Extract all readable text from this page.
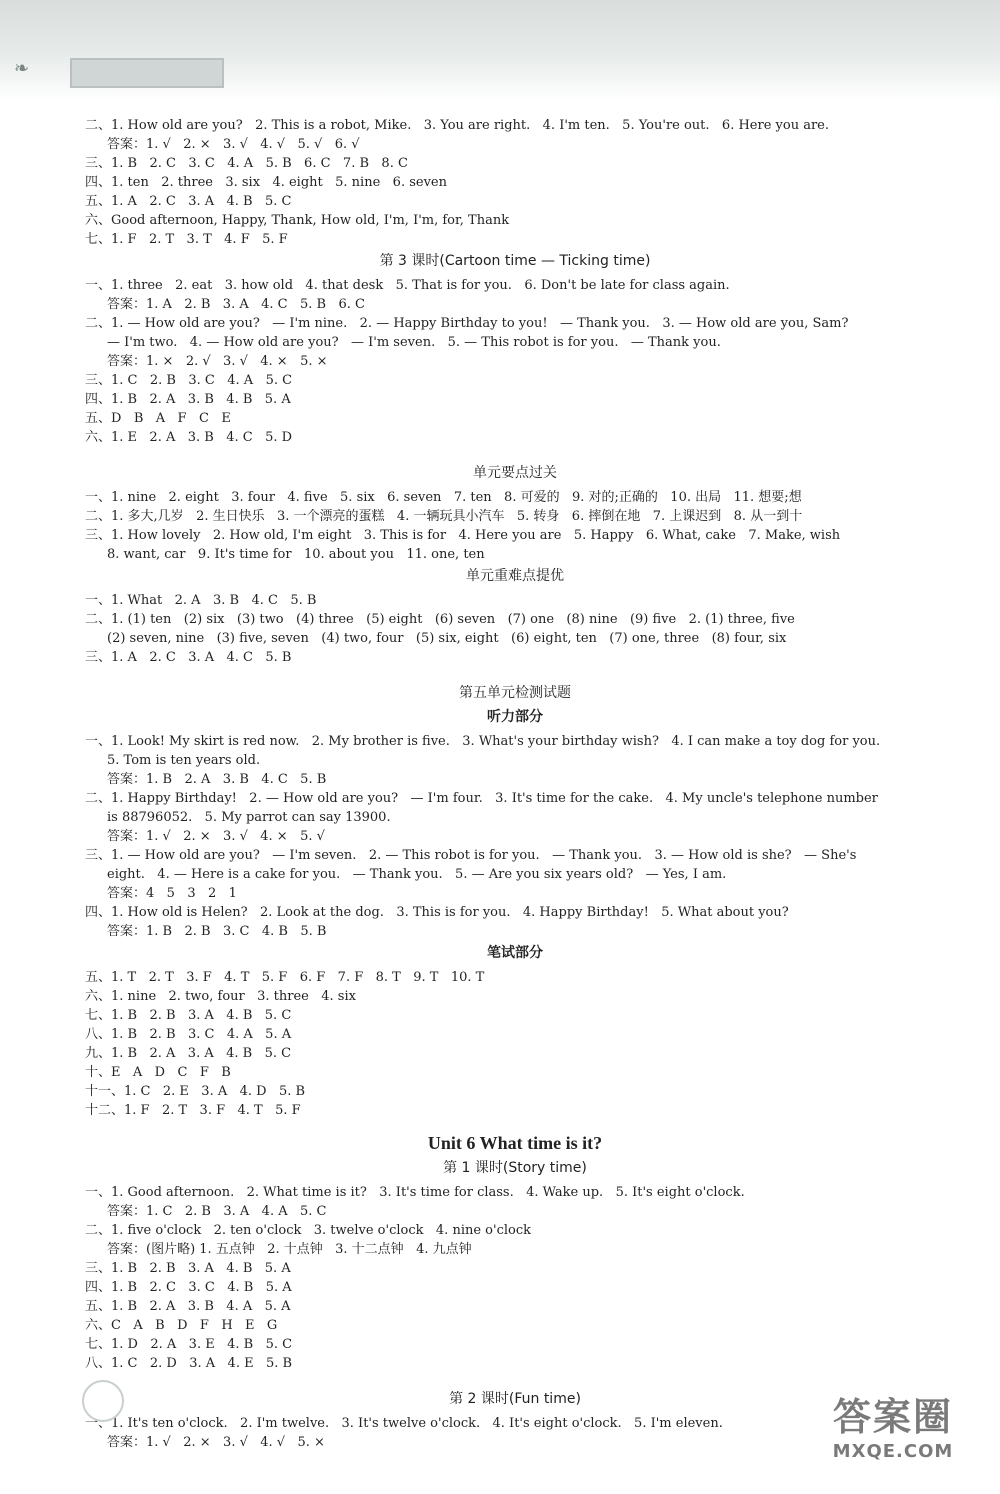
❧
二、1. How old are you?   2. This is a robot, Mike.   3. You are right.   4. I'm ten.   5. You're out.   6. Here you are.
答案：1. √   2. ×   3. √   4. √   5. √   6. √
三、1. B   2. C   3. C   4. A   5. B   6. C   7. B   8. C
四、1. ten   2. three   3. six   4. eight   5. nine   6. seven
五、1. A   2. C   3. A   4. B   5. C
六、Good afternoon, Happy, Thank, How old, I'm, I'm, for, Thank
七、1. F   2. T   3. T   4. F   5. F
第 3 课时(Cartoon time — Ticking time)
一、1. three   2. eat   3. how old   4. that desk   5. That is for you.   6. Don't be late for class again.
答案：1. A   2. B   3. A   4. C   5. B   6. C
二、1. — How old are you?   — I'm nine.   2. — Happy Birthday to you!   — Thank you.   3. — How old are you, Sam?
— I'm two.   4. — How old are you?   — I'm seven.   5. — This robot is for you.   — Thank you.
答案：1. ×   2. √   3. √   4. ×   5. ×
三、1. C   2. B   3. C   4. A   5. C
四、1. B   2. A   3. B   4. B   5. A
五、D   B   A   F   C   E
六、1. E   2. A   3. B   4. C   5. D
单元要点过关
一、1. nine   2. eight   3. four   4. five   5. six   6. seven   7. ten   8. 可爱的   9. 对的;正确的   10. 出局   11. 想要;想
二、1. 多大,几岁   2. 生日快乐   3. 一个漂亮的蛋糕   4. 一辆玩具小汽车   5. 转身   6. 摔倒在地   7. 上课迟到   8. 从一到十
三、1. How lovely   2. How old, I'm eight   3. This is for   4. Here you are   5. Happy   6. What, cake   7. Make, wish
8. want, car   9. It's time for   10. about you   11. one, ten
单元重难点提优
一、1. What   2. A   3. B   4. C   5. B
二、1. (1) ten   (2) six   (3) two   (4) three   (5) eight   (6) seven   (7) one   (8) nine   (9) five   2. (1) three, five
(2) seven, nine   (3) five, seven   (4) two, four   (5) six, eight   (6) eight, ten   (7) one, three   (8) four, six
三、1. A   2. C   3. A   4. C   5. B
第五单元检测试题
听力部分
一、1. Look! My skirt is red now.   2. My brother is five.   3. What's your birthday wish?   4. I can make a toy dog for you.
5. Tom is ten years old.
答案：1. B   2. A   3. B   4. C   5. B
二、1. Happy Birthday!   2. — How old are you?   — I'm four.   3. It's time for the cake.   4. My uncle's telephone number
is 88796052.   5. My parrot can say 13900.
答案：1. √   2. ×   3. √   4. ×   5. √
三、1. — How old are you?   — I'm seven.   2. — This robot is for you.   — Thank you.   3. — How old is she?   — She's
eight.   4. — Here is a cake for you.   — Thank you.   5. — Are you six years old?   — Yes, I am.
答案：4   5   3   2   1
四、1. How old is Helen?   2. Look at the dog.   3. This is for you.   4. Happy Birthday!   5. What about you?
答案：1. B   2. B   3. C   4. B   5. B
笔试部分
五、1. T   2. T   3. F   4. T   5. F   6. F   7. F   8. T   9. T   10. T
六、1. nine   2. two, four   3. three   4. six
七、1. B   2. B   3. A   4. B   5. C
八、1. B   2. B   3. C   4. A   5. A
九、1. B   2. A   3. A   4. B   5. C
十、E   A   D   C   F   B
十一、1. C   2. E   3. A   4. D   5. B
十二、1. F   2. T   3. F   4. T   5. F
Unit 6 What time is it?
第 1 课时(Story time)
一、1. Good afternoon.   2. What time is it?   3. It's time for class.   4. Wake up.   5. It's eight o'clock.
答案：1. C   2. B   3. A   4. A   5. C
二、1. five o'clock   2. ten o'clock   3. twelve o'clock   4. nine o'clock
答案：(图片略) 1. 五点钟   2. 十点钟   3. 十二点钟   4. 九点钟
三、1. B   2. B   3. A   4. B   5. A
四、1. B   2. C   3. C   4. B   5. A
五、1. B   2. A   3. B   4. A   5. A
六、C   A   B   D   F   H   E   G
七、1. D   2. A   3. E   4. B   5. C
八、1. C   2. D   3. A   4. E   5. B
第 2 课时(Fun time)
一、1. It's ten o'clock.   2. I'm twelve.   3. It's twelve o'clock.   4. It's eight o'clock.   5. I'm eleven.
答案：1. √   2. ×   3. √   4. √   5. ×
答案圈
MXQE.COM
